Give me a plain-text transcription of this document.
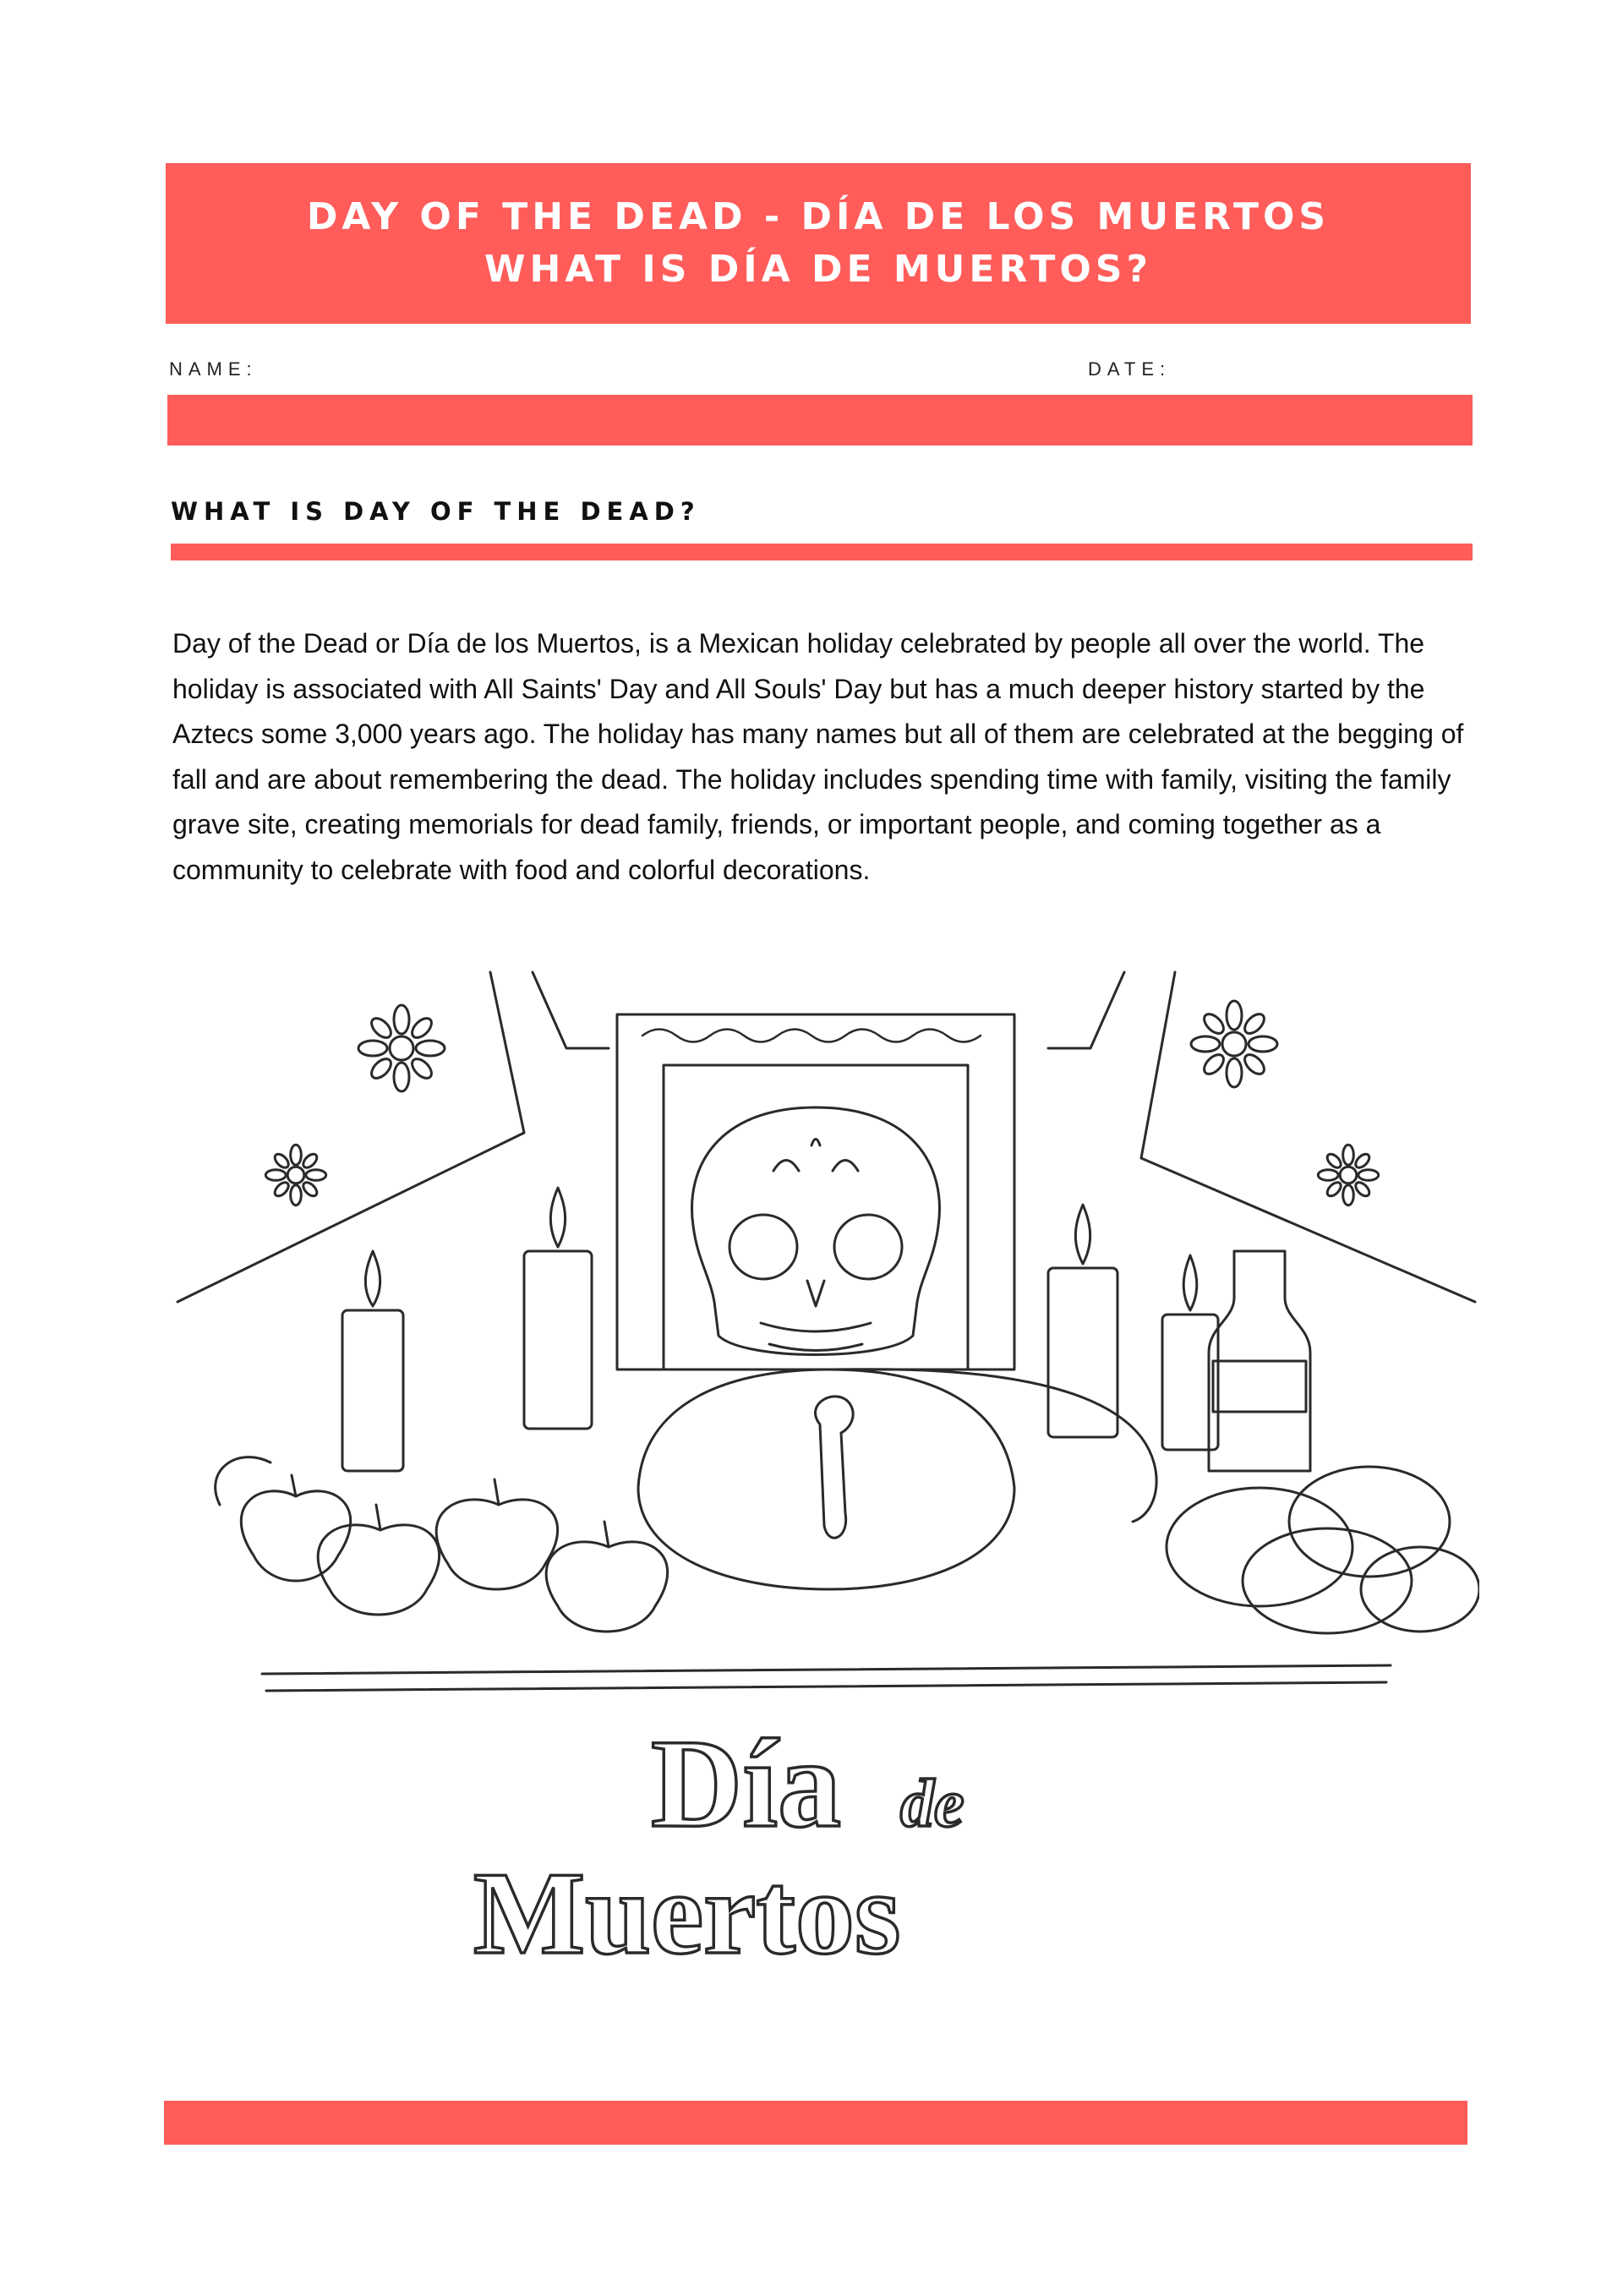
DAY OF THE DEAD - DÍA DE LOS MUERTOS
WHAT IS DÍA DE MUERTOS?
NAME:	DATE:
WHAT IS DAY OF THE DEAD?
Day of the Dead or Día de los Muertos, is a Mexican holiday celebrated by people all over the world. The holiday is associated with All Saints' Day and All Souls' Day but has a much deeper history started by the Aztecs some 3,000 years ago. The holiday has many names but all of them are celebrated at the begging of fall and are about remembering the dead. The holiday includes spending time with family, visiting the family grave site, creating memorials for dead family, friends, or important people, and coming together as a community to celebrate with food and colorful decorations.
Día de
Muertos
